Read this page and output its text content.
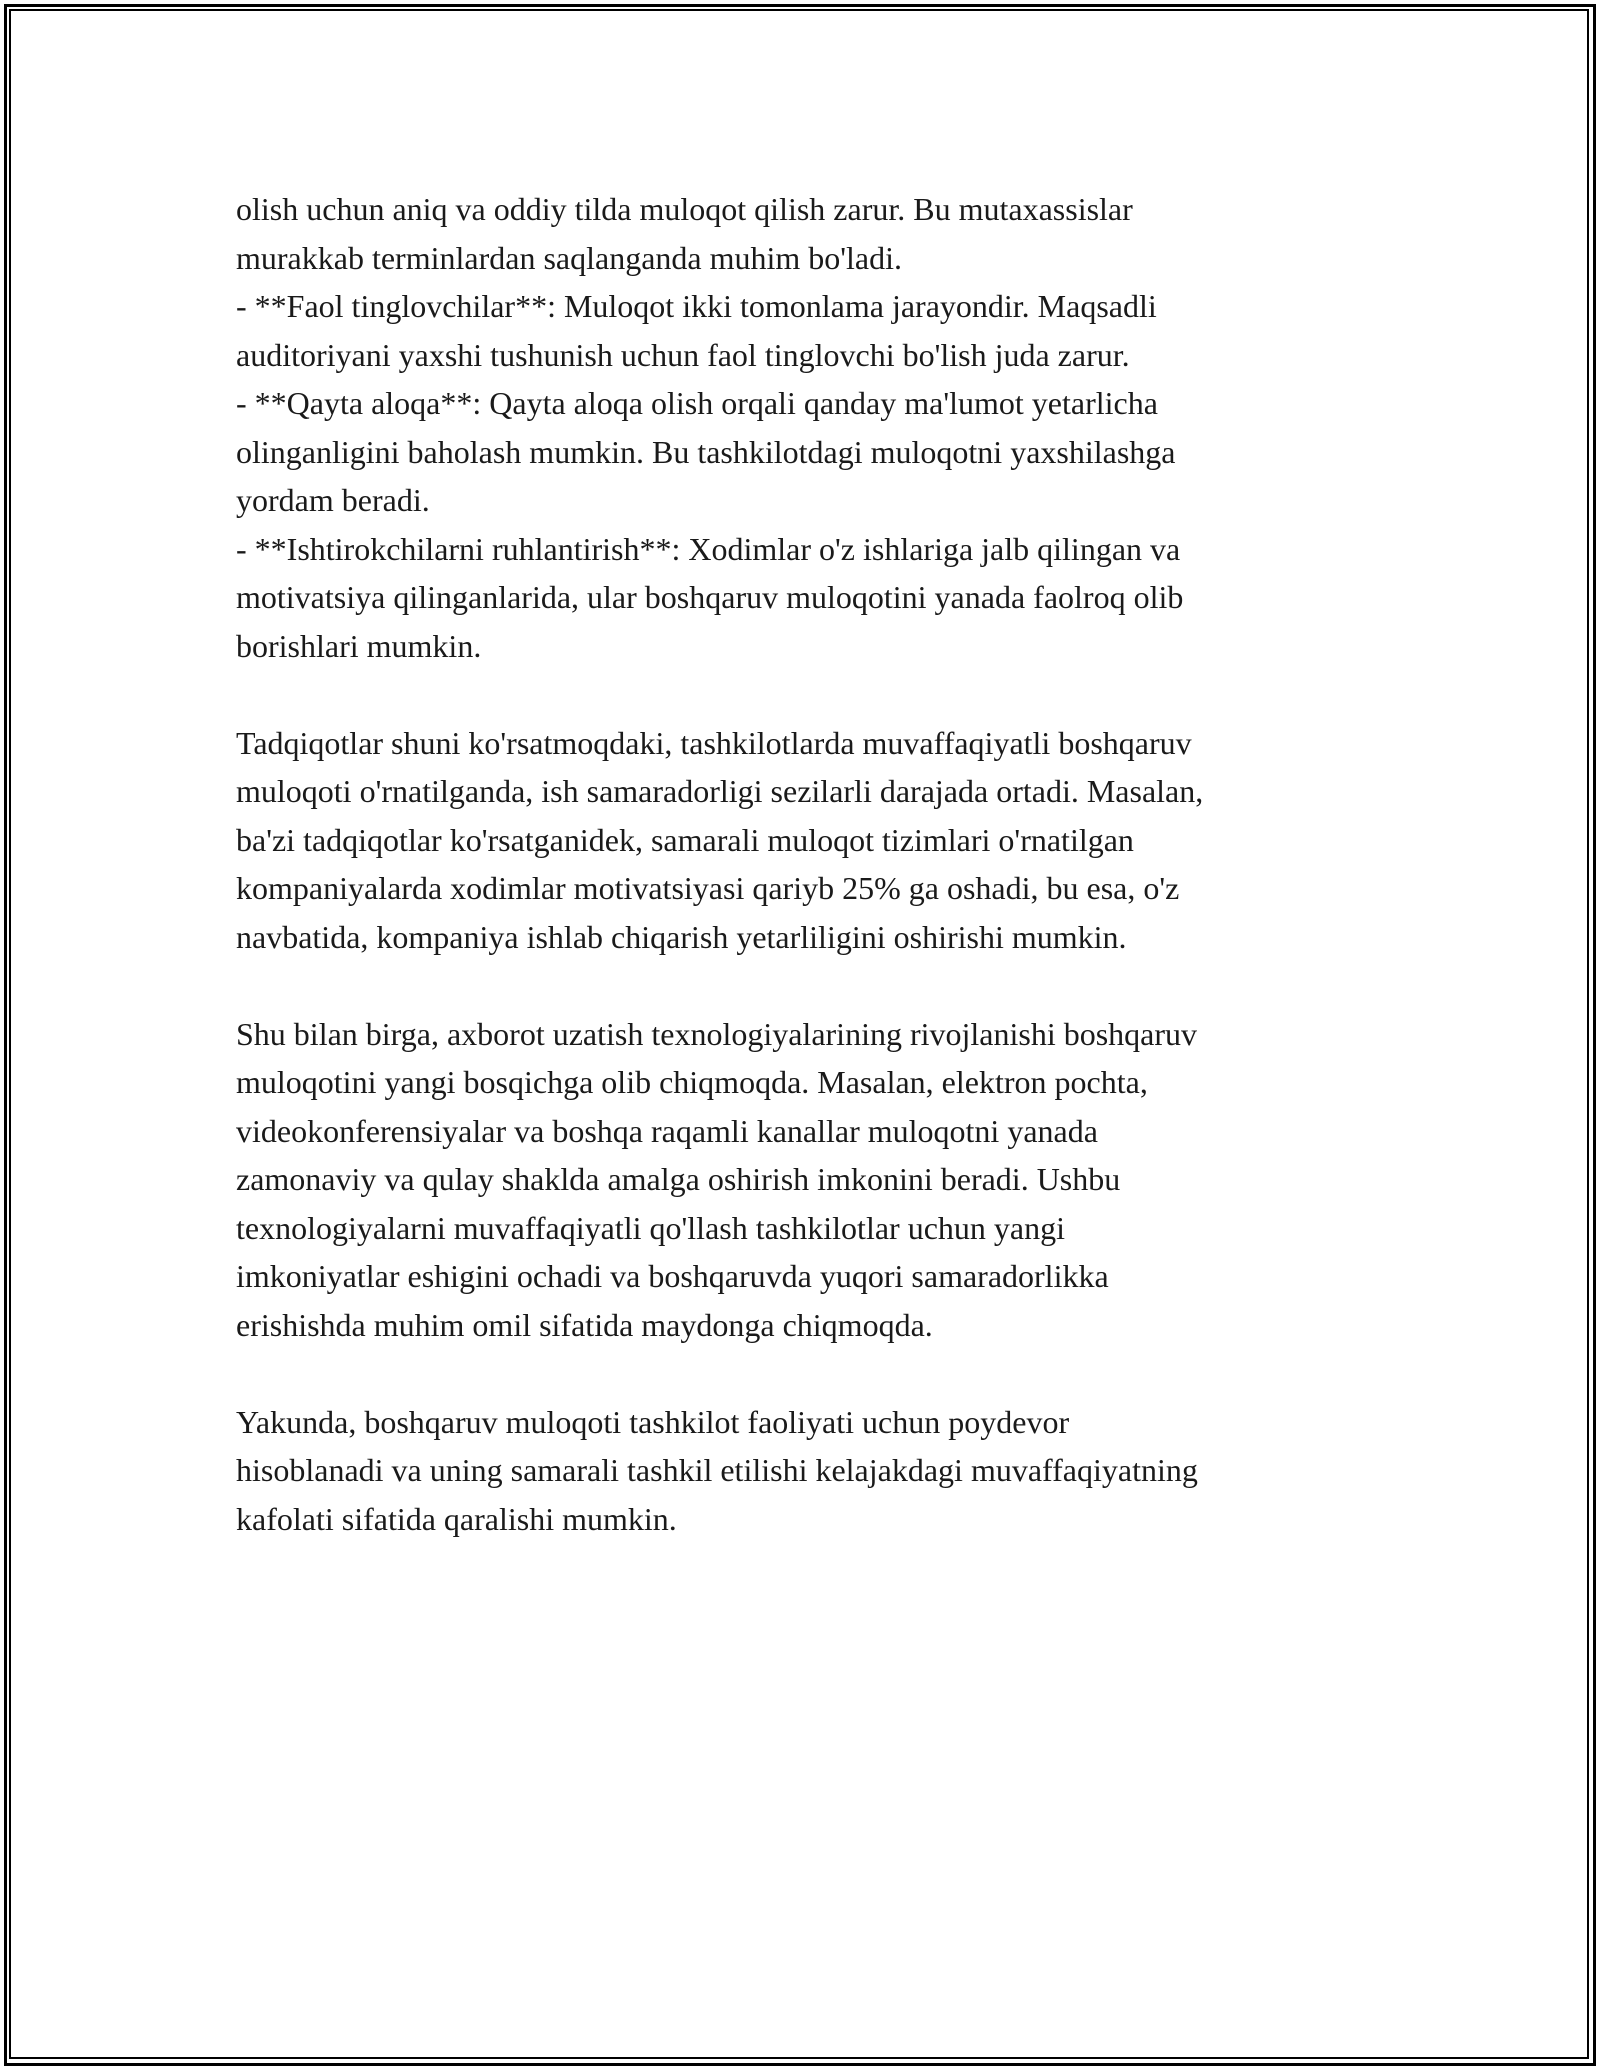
olish uchun aniq va oddiy tilda muloqot qilish zarur. Bu mutaxassislar

murakkab terminlardan saqlanganda muhim bo'ladi.

- **Faol tinglovchilar**: Muloqot ikki tomonlama jarayondir. Maqsadli

auditoriyani yaxshi tushunish uchun faol tinglovchi bo'lish juda zarur.

- **Qayta aloqa**: Qayta aloqa olish orqali qanday ma'lumot yetarlicha

olinganligini baholash mumkin. Bu tashkilotdagi muloqotni yaxshilashga

yordam beradi.

- **Ishtirokchilarni ruhlantirish**: Xodimlar o'z ishlariga jalb qilingan va

motivatsiya qilinganlarida, ular boshqaruv muloqotini yanada faolroq olib

borishlari mumkin.

Tadqiqotlar shuni ko'rsatmoqdaki, tashkilotlarda muvaffaqiyatli boshqaruv

muloqoti o'rnatilganda, ish samaradorligi sezilarli darajada ortadi. Masalan,

ba'zi tadqiqotlar ko'rsatganidek, samarali muloqot tizimlari o'rnatilgan

kompaniyalarda xodimlar motivatsiyasi qariyb 25% ga oshadi, bu esa, o'z

navbatida, kompaniya ishlab chiqarish yetarliligini oshirishi mumkin.

Shu bilan birga, axborot uzatish texnologiyalarining rivojlanishi boshqaruv

muloqotini yangi bosqichga olib chiqmoqda. Masalan, elektron pochta,

videokonferensiyalar va boshqa raqamli kanallar muloqotni yanada

zamonaviy va qulay shaklda amalga oshirish imkonini beradi. Ushbu

texnologiyalarni muvaffaqiyatli qo'llash tashkilotlar uchun yangi

imkoniyatlar eshigini ochadi va boshqaruvda yuqori samaradorlikka

erishishda muhim omil sifatida maydonga chiqmoqda.

Yakunda, boshqaruv muloqoti tashkilot faoliyati uchun poydevor

hisoblanadi va uning samarali tashkil etilishi kelajakdagi muvaffaqiyatning

kafolati sifatida qaralishi mumkin.
